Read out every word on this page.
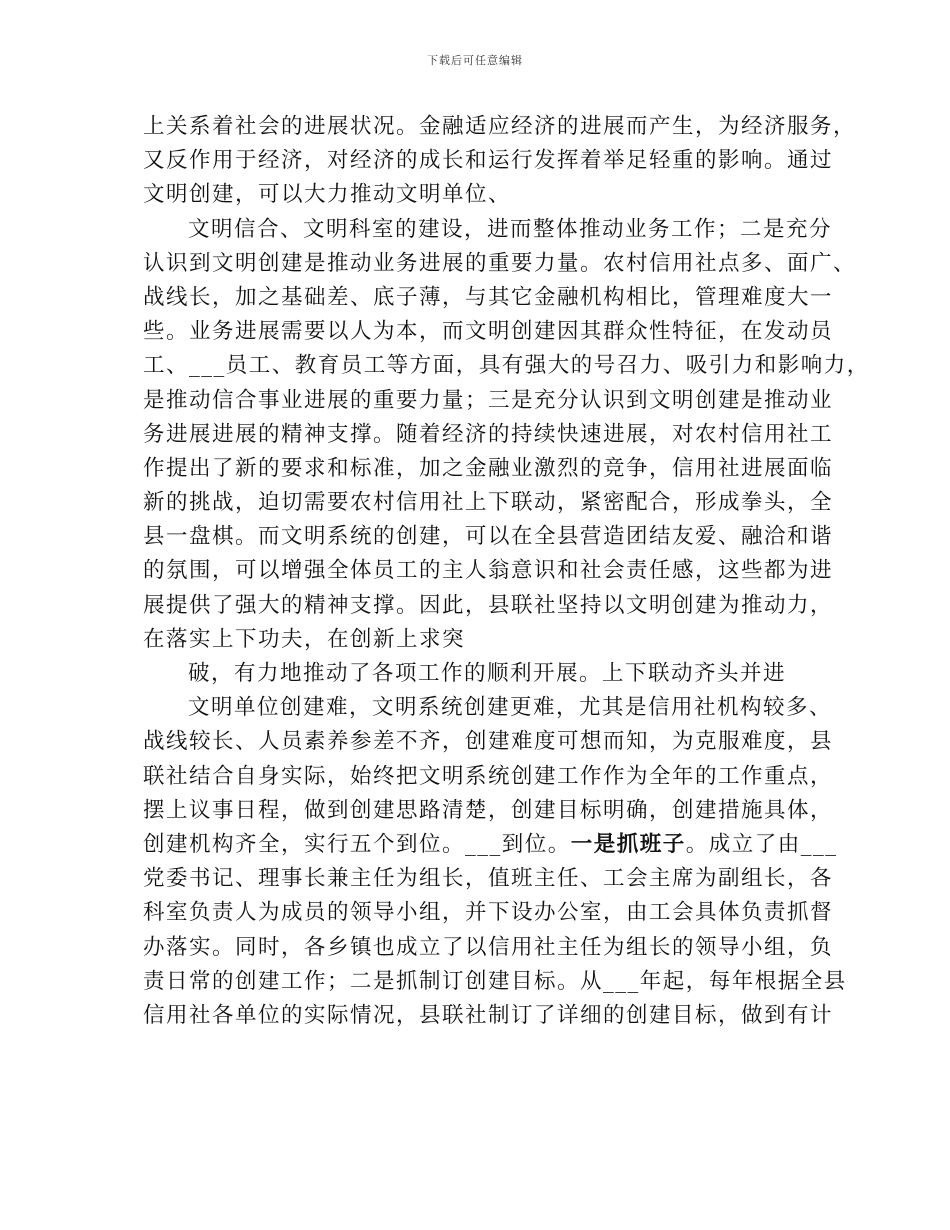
下载后可任意编辑
上关系着社会的进展状况。金融适应经济的进展而产生，为经济服务，
又反作用于经济，对经济的成长和运行发挥着举足轻重的影响。通过
文明创建，可以大力推动文明单位、
文明信合、文明科室的建设，进而整体推动业务工作；二是充分
认识到文明创建是推动业务进展的重要力量。农村信用社点多、面广、
战线长，加之基础差、底子薄，与其它金融机构相比，管理难度大一
些。业务进展需要以人为本，而文明创建因其群众性特征，在发动员
工、___员工、教育员工等方面，具有强大的号召力、吸引力和影响力，
是推动信合事业进展的重要力量；三是充分认识到文明创建是推动业
务进展进展的精神支撑。随着经济的持续快速进展，对农村信用社工
作提出了新的要求和标准，加之金融业激烈的竞争，信用社进展面临
新的挑战，迫切需要农村信用社上下联动，紧密配合，形成拳头，全
县一盘棋。而文明系统的创建，可以在全县营造团结友爱、融洽和谐
的氛围，可以增强全体员工的主人翁意识和社会责任感，这些都为进
展提供了强大的精神支撑。因此，县联社坚持以文明创建为推动力，
在落实上下功夫，在创新上求突
破，有力地推动了各项工作的顺利开展。上下联动齐头并进
文明单位创建难，文明系统创建更难，尤其是信用社机构较多、
战线较长、人员素养参差不齐，创建难度可想而知，为克服难度，县
联社结合自身实际，始终把文明系统创建工作作为全年的工作重点，
摆上议事日程，做到创建思路清楚，创建目标明确，创建措施具体，
创建机构齐全，实行五个到位。___到位。一是抓班子。成立了由___
党委书记、理事长兼主任为组长，值班主任、工会主席为副组长，各
科室负责人为成员的领导小组，并下设办公室，由工会具体负责抓督
办落实。同时，各乡镇也成立了以信用社主任为组长的领导小组，负
责日常的创建工作；二是抓制订创建目标。从___年起，每年根据全县
信用社各单位的实际情况，县联社制订了详细的创建目标，做到有计
